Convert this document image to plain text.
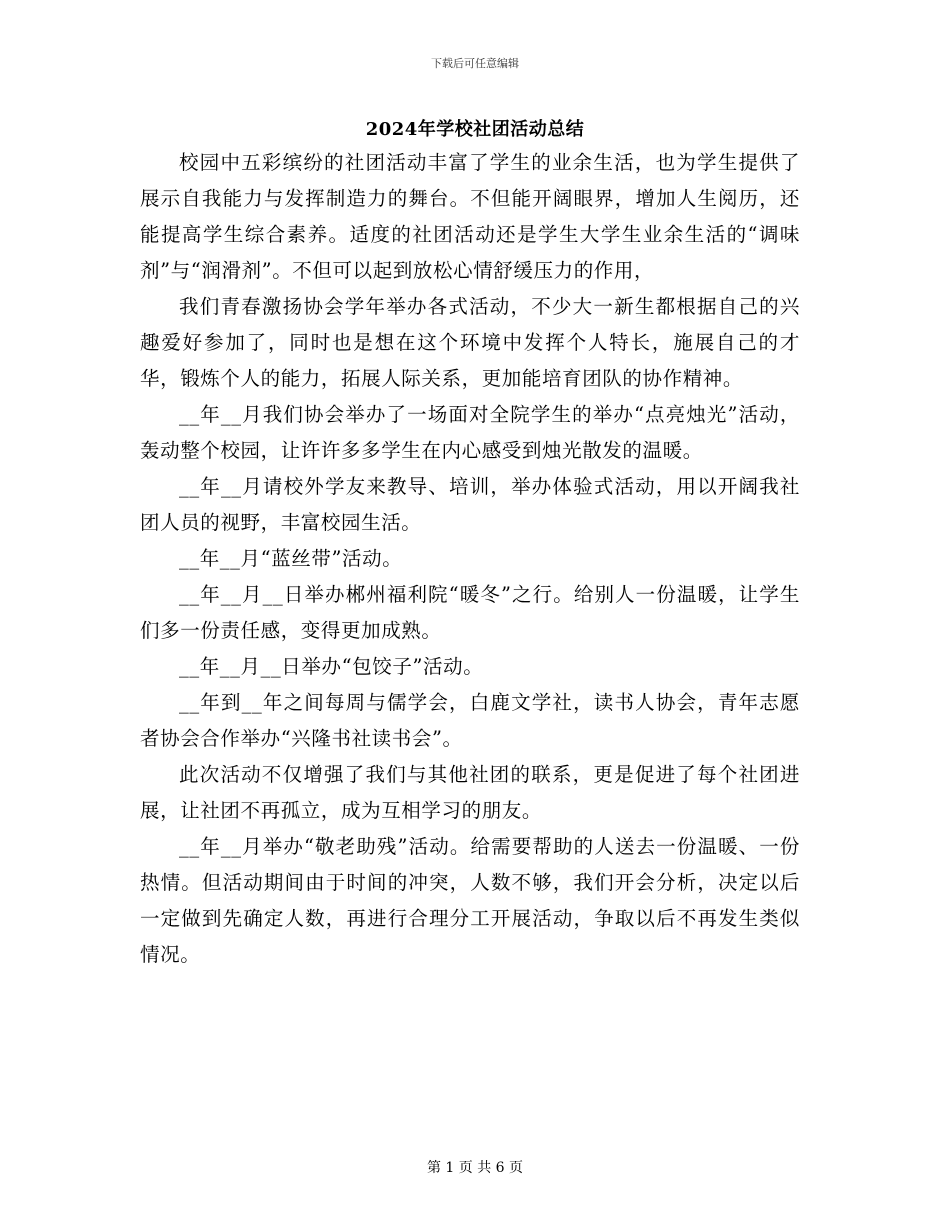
下载后可任意编辑
2024年学校社团活动总结

校园中五彩缤纷的社团活动丰富了学生的业余生活，也为学生提供了展示自我能力与发挥制造力的舞台。不但能开阔眼界，增加人生阅历，还能提高学生综合素养。适度的社团活动还是学生大学生业余生活的“调味剂”与“润滑剂”。不但可以起到放松心情舒缓压力的作用，

我们青春激扬协会学年举办各式活动，不少大一新生都根据自己的兴趣爱好参加了，同时也是想在这个环境中发挥个人特长，施展自己的才华，锻炼个人的能力，拓展人际关系，更加能培育团队的协作精神。

__年__月我们协会举办了一场面对全院学生的举办“点亮烛光”活动，轰动整个校园，让许许多多学生在内心感受到烛光散发的温暖。

__年__月请校外学友来教导、培训，举办体验式活动，用以开阔我社团人员的视野，丰富校园生活。

__年__月“蓝丝带”活动。

__年__月__日举办郴州福利院“暖冬”之行。给别人一份温暖，让学生们多一份责任感，变得更加成熟。

__年__月__日举办“包饺子”活动。

__年到__年之间每周与儒学会，白鹿文学社，读书人协会，青年志愿者协会合作举办“兴隆书社读书会”。

此次活动不仅增强了我们与其他社团的联系，更是促进了每个社团进展，让社团不再孤立，成为互相学习的朋友。

__年__月举办“敬老助残”活动。给需要帮助的人送去一份温暖、一份热情。但活动期间由于时间的冲突，人数不够，我们开会分析，决定以后一定做到先确定人数，再进行合理分工开展活动，争取以后不再发生类似情况。

第 1 页 共 6 页
